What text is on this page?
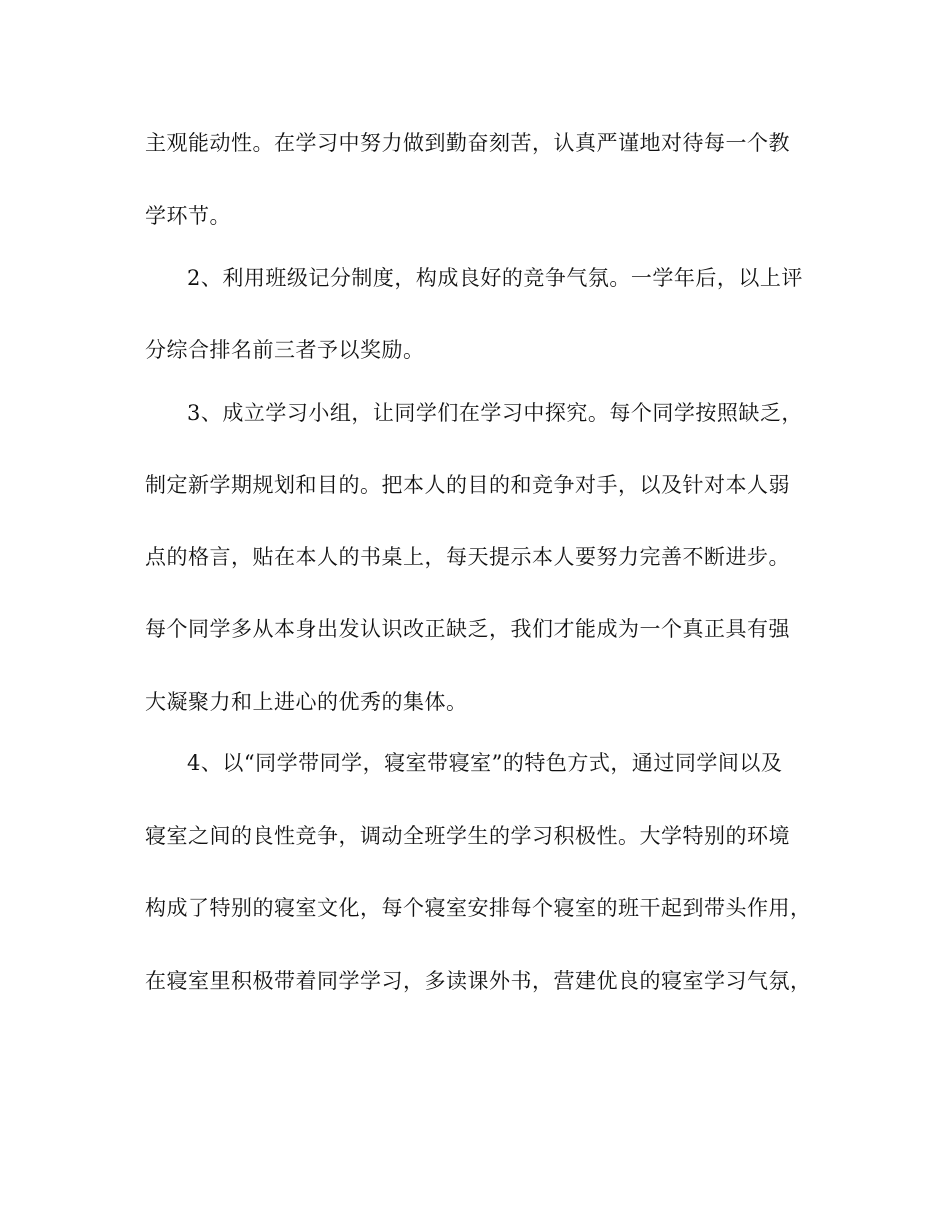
主观能动性。在学习中努力做到勤奋刻苦，认真严谨地对待每一个教
学环节。
2、利用班级记分制度，构成良好的竞争气氛。一学年后，以上评
分综合排名前三者予以奖励。
3、成立学习小组，让同学们在学习中探究。每个同学按照缺乏，
制定新学期规划和目的。把本人的目的和竞争对手，以及针对本人弱
点的格言，贴在本人的书桌上，每天提示本人要努力完善不断进步。
每个同学多从本身出发认识改正缺乏，我们才能成为一个真正具有强
大凝聚力和上进心的优秀的集体。
4、以“同学带同学，寝室带寝室”的特色方式，通过同学间以及
寝室之间的良性竞争，调动全班学生的学习积极性。大学特别的环境
构成了特别的寝室文化，每个寝室安排每个寝室的班干起到带头作用，
在寝室里积极带着同学学习，多读课外书，营建优良的寝室学习气氛，
